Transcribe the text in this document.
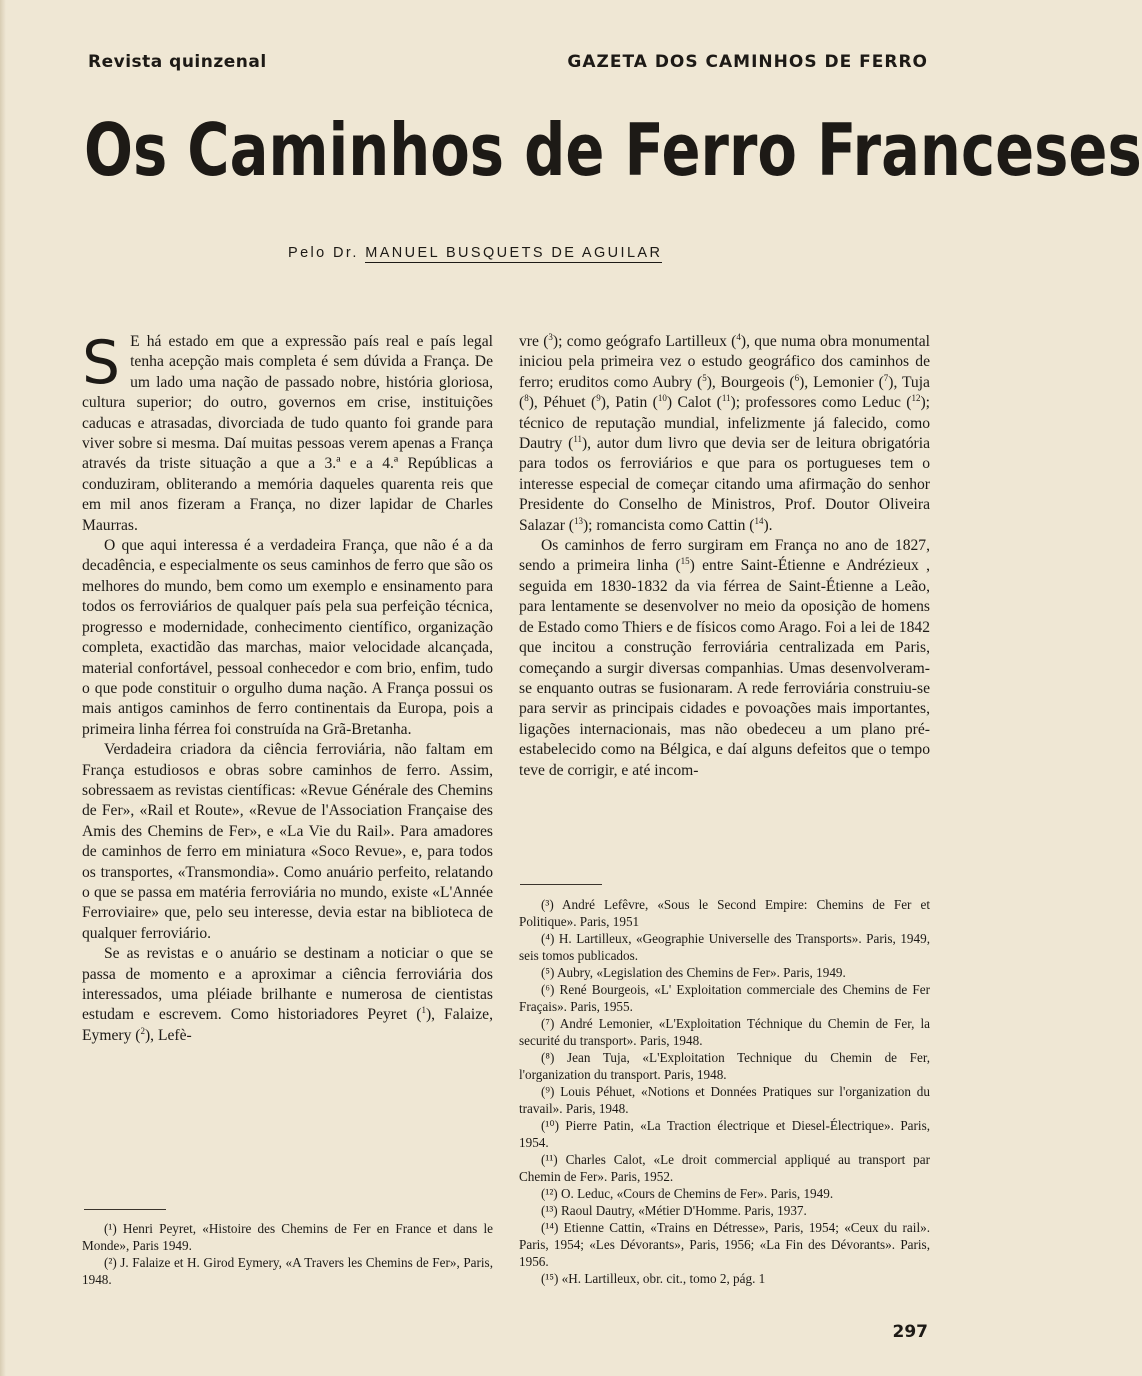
Revista quinzenal	GAZETA DOS CAMINHOS DE FERRO
Os Caminhos de Ferro Franceses
Pelo Dr. MANUEL BUSQUETS DE AGUILAR

S E há estado em que a expressão país real e país legal tenha acepção mais completa é sem dúvida a França. De um lado uma nação de passado nobre, história gloriosa, cultura superior; do outro, governos em crise, instituições caducas e atrasadas, divorciada de tudo quanto foi grande para viver sobre si mesma. Daí muitas pessoas verem apenas a França através da triste situação a que a 3.ª e a 4.ª Repúblicas a conduziram, obliterando a memória daqueles quarenta reis que em mil anos fizeram a França, no dizer lapidar de Charles Maurras.

O que aqui interessa é a verdadeira França, que não é a da decadência, e especialmente os seus caminhos de ferro que são os melhores do mundo, bem como um exemplo e ensinamento para todos os ferroviários de qualquer país pela sua perfeição técnica, progresso e modernidade, conhecimento científico, organização completa, exactidão das marchas, maior velocidade alcançada, material confortável, pessoal conhecedor e com brio, enfim, tudo o que pode constituir o orgulho duma nação. A França possui os mais antigos caminhos de ferro continentais da Europa, pois a primeira linha férrea foi construída na Grã-Bretanha.

Verdadeira criadora da ciência ferroviária, não faltam em França estudiosos e obras sobre caminhos de ferro. Assim, sobressaem as revistas científicas: «Revue Générale des Chemins de Fer», «Rail et Route», «Revue de l'Association Française des Amis des Chemins de Fer», e «La Vie du Rail». Para amadores de caminhos de ferro em miniatura «Soco Revue», e, para todos os transportes, «Transmondia». Como anuário perfeito, relatando o que se passa em matéria ferroviária no mundo, existe «L'Année Ferroviaire» que, pelo seu interesse, devia estar na biblioteca de qualquer ferroviário.

Se as revistas e o anuário se destinam a noticiar o que se passa de momento e a aproximar a ciência ferroviária dos interessados, uma pléiade brilhante e numerosa de cientistas estudam e escrevem. Como historiadores Peyret ($^1$), Falaize, Eymery ($^2$), Lefè-

vre ($^3$); como geógrafo Lartilleux ($^4$), que numa obra monumental iniciou pela primeira vez o estudo geográfico dos caminhos de ferro; eruditos como Aubry ($^5$), Bourgeois ($^6$), Lemonier ($^7$), Tuja ($^8$), Péhuet ($^9$), Patin ($^{10}$) Calot ($^{11}$); professores como Leduc ($^{12}$); técnico de reputação mundial, infelizmente já falecido, como Dautry ($^{11}$), autor dum livro que devia ser de leitura obrigatória para todos os ferroviários e que para os portugueses tem o interesse especial de começar citando uma afirmação do senhor Presidente do Conselho de Ministros, Prof. Doutor Oliveira Salazar ($^{13}$); romancista como Cattin ($^{14}$).

Os caminhos de ferro surgiram em França no ano de 1827, sendo a primeira linha ($^{15}$) entre Saint-Étienne e Andrézieux , seguida em 1830-1832 da via férrea de Saint-Étienne a Leão, para lentamente se desenvolver no meio da oposição de homens de Estado como Thiers e de físicos como Arago. Foi a lei de 1842 que incitou a construção ferroviária centralizada em Paris, começando a surgir diversas companhias. Umas desenvolveram-se enquanto outras se fusionaram. A rede ferroviária construiu-se para servir as principais cidades e povoações mais importantes, ligações internacionais, mas não obedeceu a um plano pré-estabelecido como na Bélgica, e daí alguns defeitos que o tempo teve de corrigir, e até incom-

(¹) Henri Peyret, «Histoire des Chemins de Fer en France et dans le Monde», Paris 1949.

(²) J. Falaize et H. Girod Eymery, «A Travers les Chemins de Fer», Paris, 1948.

(³) André Lefêvre, «Sous le Second Empire: Chemins de Fer et Politique». Paris, 1951

(⁴) H. Lartilleux, «Geographie Universelle des Transports». Paris, 1949, seis tomos publicados.

(⁵) Aubry, «Legislation des Chemins de Fer». Paris, 1949.

(⁶) René Bourgeois, «L' Exploitation commerciale des Chemins de Fer Fraçais». Paris, 1955.

(⁷) André Lemonier, «L'Exploitation Téchnique du Chemin de Fer, la securité du transport». Paris, 1948.

(⁸) Jean Tuja, «L'Exploitation Technique du Chemin de Fer, l'organization du transport. Paris, 1948.

(⁹) Louis Péhuet, «Notions et Données Pratiques sur l'organization du travail». Paris, 1948.

(¹⁰) Pierre Patin, «La Traction électrique et Diesel-Électrique». Paris, 1954.

(¹¹) Charles Calot, «Le droit commercial appliqué au transport par Chemin de Fer». Paris, 1952.

(¹²) O. Leduc, «Cours de Chemins de Fer». Paris, 1949.

(¹³) Raoul Dautry, «Métier D'Homme. Paris, 1937.

(¹⁴) Etienne Cattin, «Trains en Détresse», Paris, 1954; «Ceux du rail». Paris, 1954; «Les Dévorants», Paris, 1956; «La Fin des Dévorants». Paris, 1956.

(¹⁵) «H. Lartilleux, obr. cit., tomo 2, pág. 1

297
